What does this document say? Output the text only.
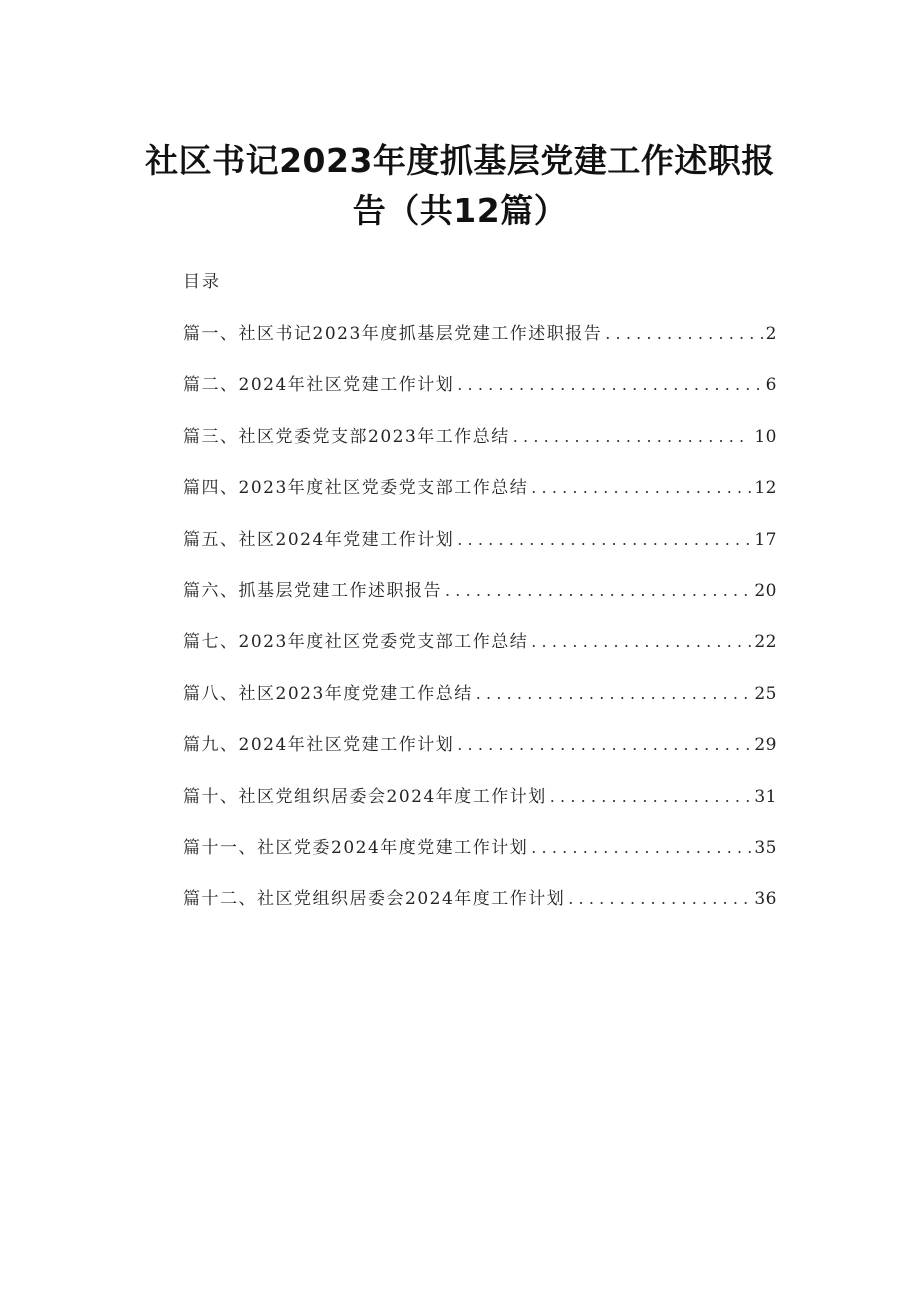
社区书记2023年度抓基层党建工作述职报
告（共12篇）
目录
篇一、社区书记2023年度抓基层党建工作述职报告 .....	2
篇二、2024年社区党建工作计划 .....	6
篇三、社区党委党支部2023年工作总结 .....	10
篇四、2023年度社区党委党支部工作总结 .....	12
篇五、社区2024年党建工作计划 .....	17
篇六、抓基层党建工作述职报告 .....	20
篇七、2023年度社区党委党支部工作总结 .....	22
篇八、社区2023年度党建工作总结 .....	25
篇九、2024年社区党建工作计划 .....	29
篇十、社区党组织居委会2024年度工作计划 .....	31
篇十一、社区党委2024年度党建工作计划 .....	35
篇十二、社区党组织居委会2024年度工作计划 .....	36
